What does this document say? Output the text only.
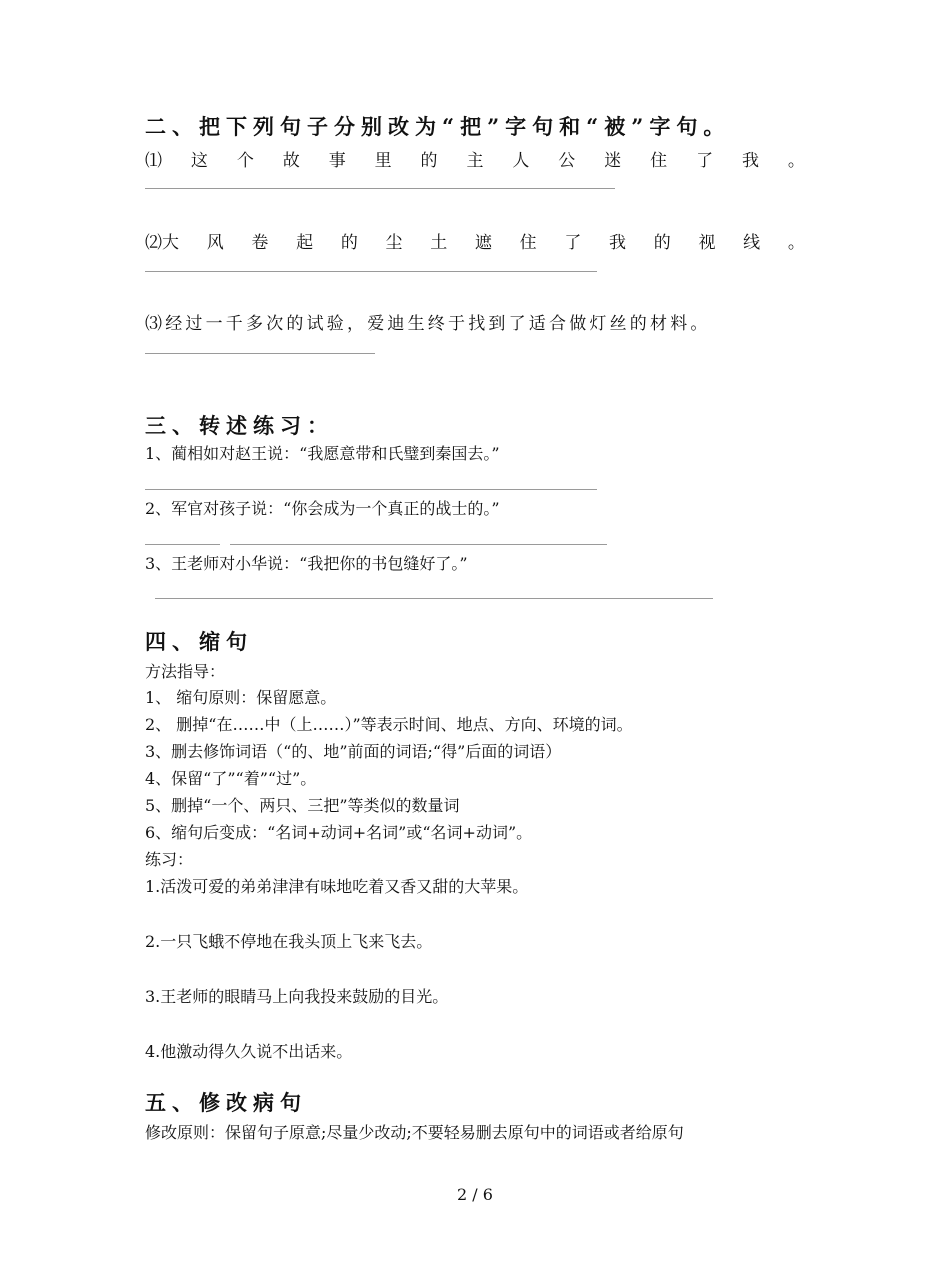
二、把下列句子分别改为“把”字句和“被”字句。
⑴ 这 个 故 事 里 的 主 人 公 迷 住 了 我 。
⑵大 风 卷 起 的 尘 土 遮 住 了 我 的 视 线 。
⑶经过一千多次的试验，爱迪生终于找到了适合做灯丝的材料。
三、转述练习：
1、蔺相如对赵王说：“我愿意带和氏璧到秦国去。”
2、军官对孩子说：“你会成为一个真正的战士的。”
3、王老师对小华说：“我把你的书包缝好了。”
四、缩句
方法指导：
1、 缩句原则：保留愿意。
2、 删掉“在……中（上……）”等表示时间、地点、方向、环境的词。
3、删去修饰词语（“的、地”前面的词语;“得”后面的词语）
4、保留“了”“着”“过”。
5、删掉“一个、两只、三把”等类似的数量词
6、缩句后变成：“名词+动词+名词”或“名词+动词”。
练习：
1.活泼可爱的弟弟津津有味地吃着又香又甜的大苹果。
2.一只飞蛾不停地在我头顶上飞来飞去。
3.王老师的眼睛马上向我投来鼓励的目光。
4.他激动得久久说不出话来。
五、修改病句
修改原则：保留句子原意;尽量少改动;不要轻易删去原句中的词语或者给原句
2 / 6
